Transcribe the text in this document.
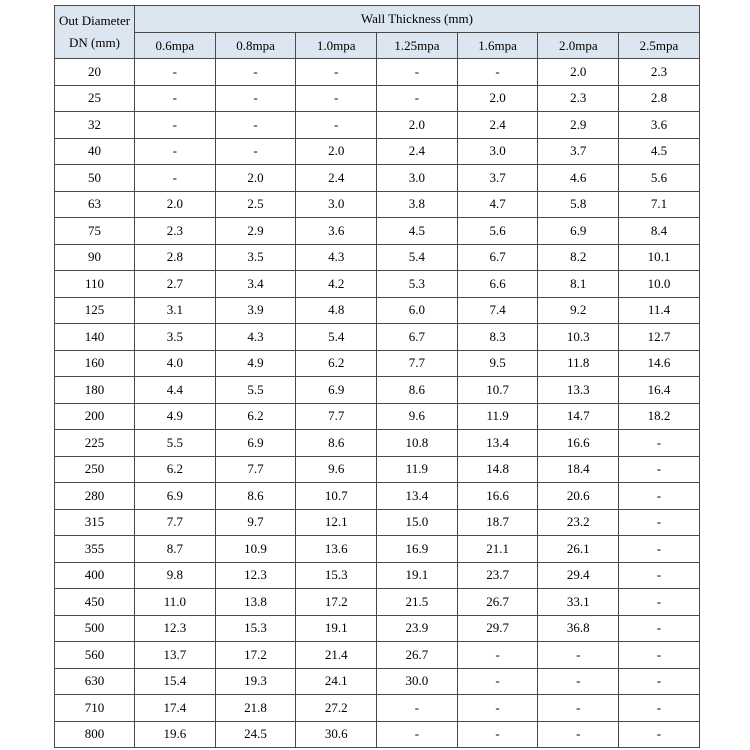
Out Diameter
DN (mm)	Wall Thickness (mm)						
	0.6mpa	0.8mpa	1.0mpa	1.25mpa	1.6mpa	2.0mpa	2.5mpa
20	-	-	-	-	-	2.0	2.3
25	-	-	-	-	2.0	2.3	2.8
32	-	-	-	2.0	2.4	2.9	3.6
40	-	-	2.0	2.4	3.0	3.7	4.5
50	-	2.0	2.4	3.0	3.7	4.6	5.6
63	2.0	2.5	3.0	3.8	4.7	5.8	7.1
75	2.3	2.9	3.6	4.5	5.6	6.9	8.4
90	2.8	3.5	4.3	5.4	6.7	8.2	10.1
110	2.7	3.4	4.2	5.3	6.6	8.1	10.0
125	3.1	3.9	4.8	6.0	7.4	9.2	11.4
140	3.5	4.3	5.4	6.7	8.3	10.3	12.7
160	4.0	4.9	6.2	7.7	9.5	11.8	14.6
180	4.4	5.5	6.9	8.6	10.7	13.3	16.4
200	4.9	6.2	7.7	9.6	11.9	14.7	18.2
225	5.5	6.9	8.6	10.8	13.4	16.6	-
250	6.2	7.7	9.6	11.9	14.8	18.4	-
280	6.9	8.6	10.7	13.4	16.6	20.6	-
315	7.7	9.7	12.1	15.0	18.7	23.2	-
355	8.7	10.9	13.6	16.9	21.1	26.1	-
400	9.8	12.3	15.3	19.1	23.7	29.4	-
450	11.0	13.8	17.2	21.5	26.7	33.1	-
500	12.3	15.3	19.1	23.9	29.7	36.8	-
560	13.7	17.2	21.4	26.7	-	-	-
630	15.4	19.3	24.1	30.0	-	-	-
710	17.4	21.8	27.2	-	-	-	-
800	19.6	24.5	30.6	-	-	-	-
